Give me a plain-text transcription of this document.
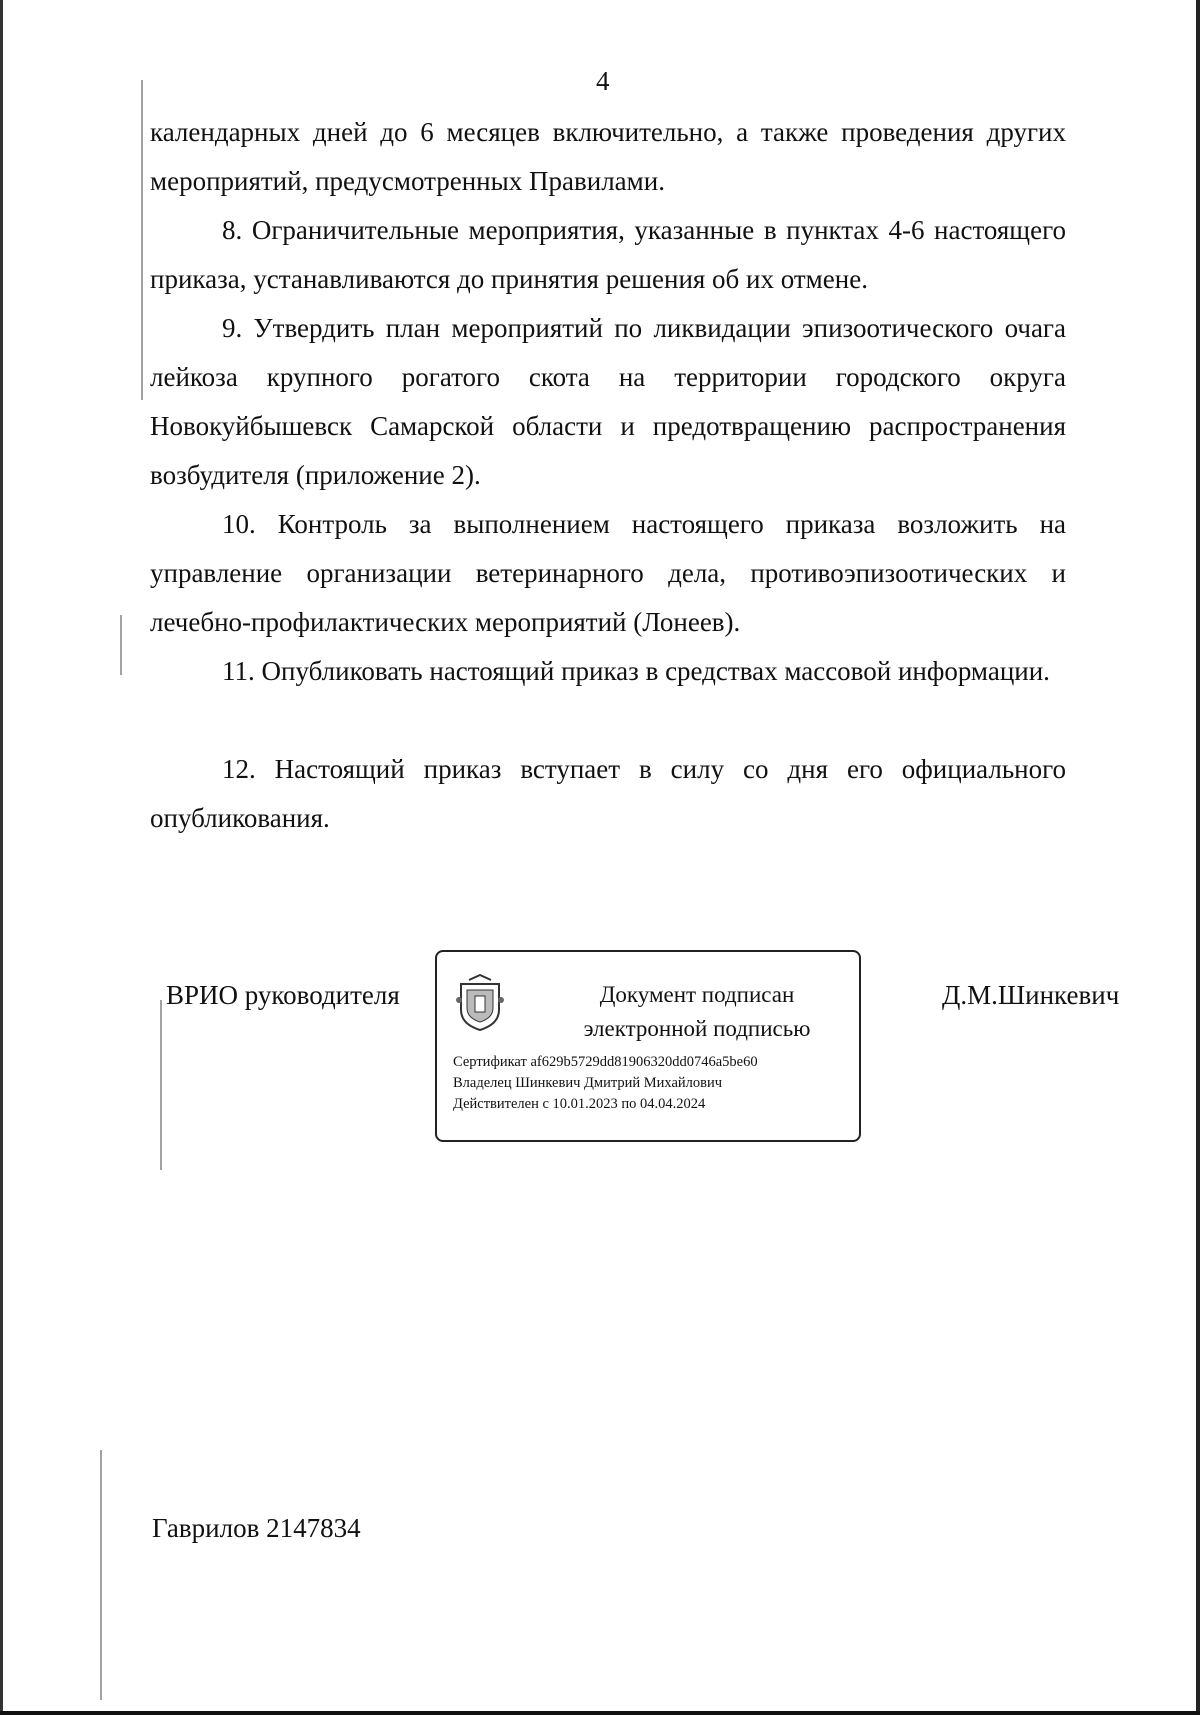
4
календарных дней до 6 месяцев включительно, а также проведения других мероприятий, предусмотренных Правилами.
8. Ограничительные мероприятия, указанные в пунктах 4-6 настоящего приказа, устанавливаются до принятия решения об их отмене.
9. Утвердить план мероприятий по ликвидации эпизоотического очага лейкоза крупного рогатого скота на территории городского округа Новокуйбышевск Самарской области и предотвращению распространения возбудителя (приложение 2).
10. Контроль за выполнением настоящего приказа возложить на управление организации ветеринарного дела, противоэпизоотических и лечебно-профилактических мероприятий (Лонеев).
11. Опубликовать настоящий приказ в средствах массовой информации.
12. Настоящий приказ вступает в силу со дня его официального опубликования.
ВРИО руководителя	Документ подписан электронной подписью
Сертификат af629b5729dd81906320dd0746a5be60
Владелец Шинкевич Дмитрий Михайлович
Действителен с 10.01.2023 по 04.04.2024
Д.М.Шинкевич
Гаврилов 2147834
